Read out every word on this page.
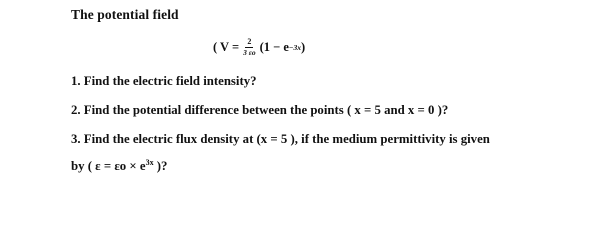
The potential field
( $V = \frac{2}{3 \varepsilon o} (1 - e -3x$ )
1. Find the electric field intensity?
2. Find the potential difference between the points ( x = 5 and x = 0 )?
3. Find the electric flux density at (x = 5 ), if the medium permittivity is given
by ( $\varepsilon = \varepsilon o \times e^{3x}$ )?
